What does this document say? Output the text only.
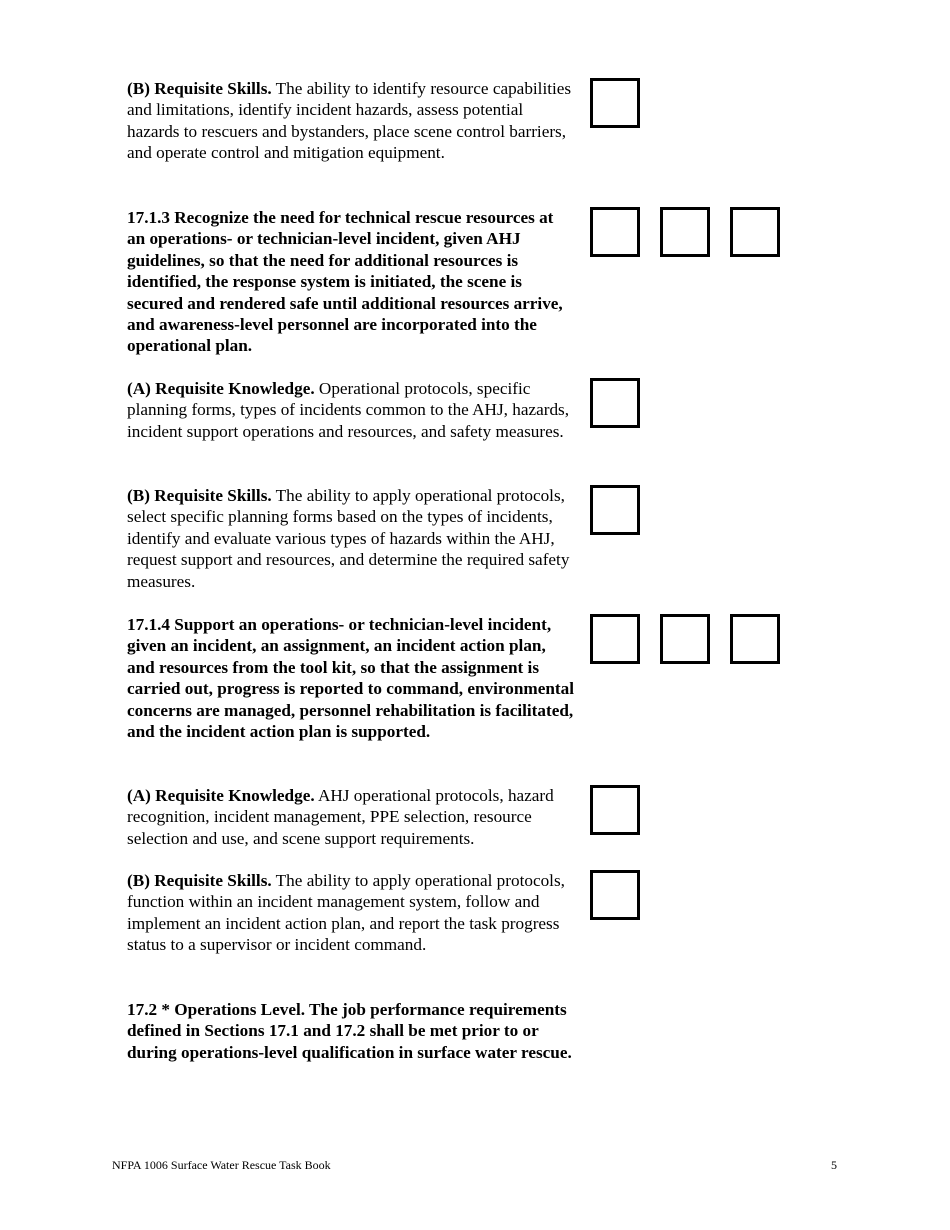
(B) Requisite Skills. The ability to identify resource capabilities and limitations, identify incident hazards, assess potential hazards to rescuers and bystanders, place scene control barriers, and operate control and mitigation equipment.

17.1.3 Recognize the need for technical rescue resources at an operations- or technician-level incident, given AHJ guidelines, so that the need for additional resources is identified, the response system is initiated, the scene is secured and rendered safe until additional resources arrive, and awareness-level personnel are incorporated into the operational plan.

(A) Requisite Knowledge. Operational protocols, specific planning forms, types of incidents common to the AHJ, hazards, incident support operations and resources, and safety measures.

(B) Requisite Skills. The ability to apply operational protocols, select specific planning forms based on the types of incidents, identify and evaluate various types of hazards within the AHJ, request support and resources, and determine the required safety measures.

17.1.4 Support an operations- or technician-level incident, given an incident, an assignment, an incident action plan, and resources from the tool kit, so that the assignment is carried out, progress is reported to command, environmental concerns are managed, personnel rehabilitation is facilitated, and the incident action plan is supported.

(A) Requisite Knowledge. AHJ operational protocols, hazard recognition, incident management, PPE selection, resource selection and use, and scene support requirements.

(B) Requisite Skills. The ability to apply operational protocols, function within an incident management system, follow and implement an incident action plan, and report the task progress status to a supervisor or incident command.

17.2 * Operations Level. The job performance requirements defined in Sections 17.1 and 17.2 shall be met prior to or during operations-level qualification in surface water rescue.

NFPA 1006 Surface Water Rescue Task Book	5
